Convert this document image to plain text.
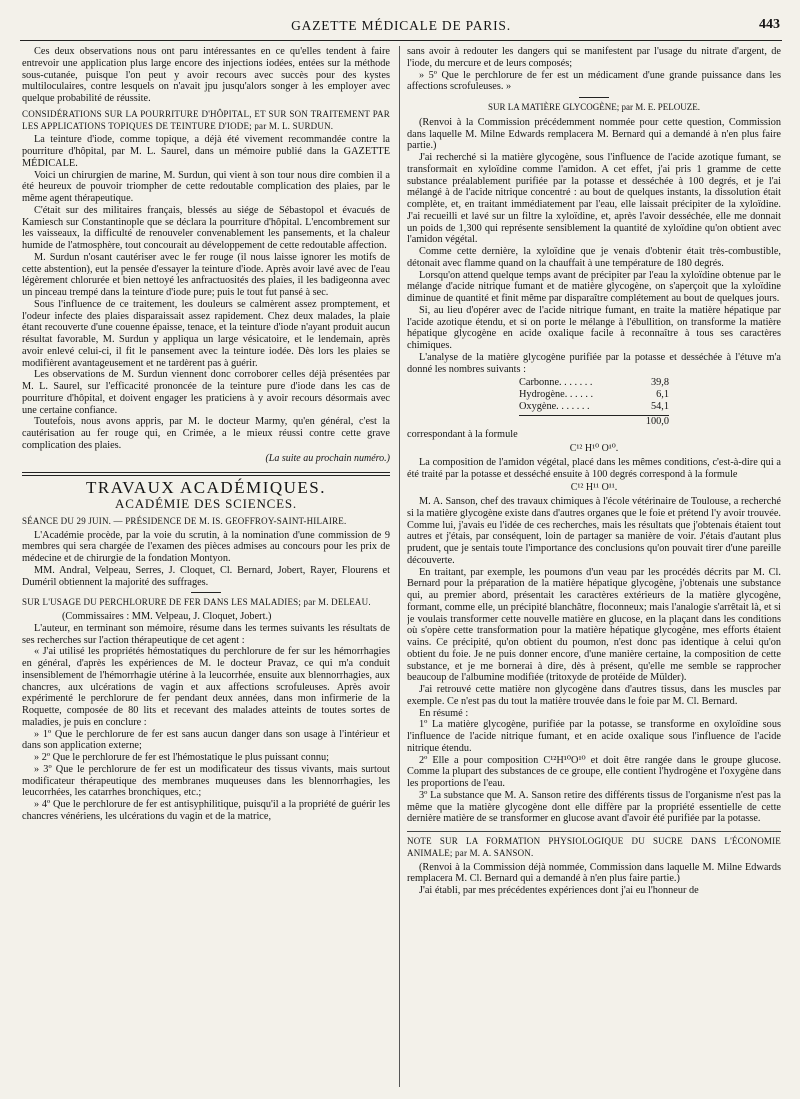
GAZETTE MÉDICALE DE PARIS.	443

Ces deux observations nous ont paru intéressantes en ce qu'elles tendent à faire entrevoir une application plus large encore des injections iodées, entées sur la méthode sous-cutanée, puisque l'on peut y avoir recours avec succès pour des kystes multiloculaires, contre lesquels on n'avait jpu jusqu'alors songer à les employer avec quelque probabilité de réussite.

CONSIDÉRATIONS SUR LA POURRITURE D'HÔPITAL, ET SUR SON TRAITEMENT PAR LES APPLICATIONS TOPIQUES DE TEINTURE D'IODE; par M. L. SURDUN.

La teinture d'iode, comme topique, a déjà été vivement recommandée contre la pourriture d'hôpital, par M. L. Saurel, dans un mémoire publié dans la GAZETTE MÉDICALE.

Voici un chirurgien de marine, M. Surdun, qui vient à son tour nous dire combien il a été heureux de pouvoir triompher de cette redoutable complication des plaies, par le même agent thérapeutique.

C'était sur des militaires français, blessés au siége de Sébastopol et évacués de Kamiesch sur Constantinople que se déclara la pourriture d'hôpital. L'encombrement sur les vaisseaux, la difficulté de renouveler convenablement les pansements, et la chaleur humide de l'atmosphère, tout concourait au développement de cette redoutable affection.

M. Surdun n'osant cautériser avec le fer rouge (il nous laisse ignorer les motifs de cette abstention), eut la pensée d'essayer la teinture d'iode. Après avoir lavé avec de l'eau légèrement chlorurée et bien nettoyé les anfractuosités des plaies, il les badigeonna avec un pinceau trempé dans la teinture d'iode pure; puis le tout fut pansé à sec.

Sous l'influence de ce traitement, les douleurs se calmèrent assez promptement, et l'odeur infecte des plaies disparaissait assez rapidement. Chez deux malades, la plaie étant recouverte d'une couenne épaisse, tenace, et la teinture d'iode n'ayant produit aucun résultat favorable, M. Surdun y appliqua un large vésicatoire, et le lendemain, après avoir enlevé celui-ci, il fit le pansement avec la teinture iodée. Dès lors les plaies se modifièrent avantageusement et ne tardèrent pas à guérir.

Les observations de M. Surdun viennent donc corroborer celles déjà présentées par M. L. Saurel, sur l'efficacité prononcée de la teinture pure d'iode dans les cas de pourriture d'hôpital, et doivent engager les praticiens à y avoir recours désormais avec une certaine confiance.

Toutefois, nous avons appris, par M. le docteur Marmy, qu'en général, c'est la cautérisation au fer rouge qui, en Crimée, a le mieux réussi contre cette grave complication des plaies.

(La suite au prochain numéro.)

TRAVAUX ACADÉMIQUES.

ACADÉMIE DES SCIENCES.

SÉANCE DU 29 JUIN. — PRÉSIDENCE DE M. IS. GEOFFROY-SAINT-HILAIRE.

L'Académie procède, par la voie du scrutin, à la nomination d'une commission de 9 membres qui sera chargée de l'examen des pièces admises au concours pour les prix de médecine et de chirurgie de la fondation Montyon.

MM. Andral, Velpeau, Serres, J. Cloquet, Cl. Bernard, Jobert, Rayer, Flourens et Duméril obtiennent la majorité des suffrages.

SUR L'USAGE DU PERCHLORURE DE FER DANS LES MALADIES; par M. DELEAU.

(Commissaires : MM. Velpeau, J. Cloquet, Jobert.)

L'auteur, en terminant son mémoire, résume dans les termes suivants les résultats de ses recherches sur l'action thérapeutique de cet agent :

« J'ai utilisé les propriétés hémostatiques du perchlorure de fer sur les hémorrhagies en général, d'après les expériences de M. le docteur Pravaz, ce qui m'a conduit insensiblement de l'hémorrhagie utérine à la leucorrhée, ensuite aux blennorrhagies, aux chancres, aux ulcérations de vagin et aux affections scrofuleuses. Après avoir expérimenté le perchlorure de fer pendant deux années, dans mon infirmerie de la Roquette, composée de 80 lits et recevant des malades atteints de toutes sortes de maladies, je puis en conclure :

» 1º Que le perchlorure de fer est sans aucun danger dans son usage à l'intérieur et dans son application externe;

» 2º Que le perchlorure de fer est l'hémostatique le plus puissant connu;

» 3º Que le perchlorure de fer est un modificateur des tissus vivants, mais surtout modificateur thérapeutique des membranes muqueuses dans les blennorrhagies, les leucorrhées, les catarrhes bronchiques, etc.;

» 4º Que le perchlorure de fer est antisyphilitique, puisqu'il a la propriété de guérir les chancres vénériens, les ulcérations du vagin et de la matrice,

sans avoir à redouter les dangers qui se manifestent par l'usage du nitrate d'argent, de l'iode, du mercure et de leurs composés;

» 5º Que le perchlorure de fer est un médicament d'une grande puissance dans les affections scrofuleuses. »

SUR LA MATIÈRE GLYCOGÈNE; par M. E. PELOUZE.

(Renvoi à la Commission précédemment nommée pour cette question, Commission dans laquelle M. Milne Edwards remplacera M. Bernard qui a demandé à n'en plus faire partie.)

J'ai recherché si la matière glycogène, sous l'influence de l'acide azotique fumant, se transformait en xyloïdine comme l'amidon. A cet effet, j'ai pris 1 gramme de cette substance préalablement purifiée par la potasse et desséchée à 100 degrés, et je l'ai mélangé à de l'acide nitrique concentré : au bout de quelques instants, la dissolution était complète, et, en traitant immédiatement par l'eau, elle laissait précipiter de la xyloïdine. J'ai recueilli et lavé sur un filtre la xyloïdine, et, après l'avoir desséchée, elle me donnait un poids de 1,300 qui représente sensiblement la quantité de xyloïdine qu'on obtient avec l'amidon végétal.

Comme cette dernière, la xyloïdine que je venais d'obtenir était très-combustible, détonait avec flamme quand on la chauffait à une température de 180 degrés.

Lorsqu'on attend quelque temps avant de précipiter par l'eau la xyloïdine obtenue par le mélange d'acide nitrique fumant et de matière glycogène, on s'aperçoit que la xyloïdine diminue de quantité et finit même par disparaître complétement au bout de quelques jours.

Si, au lieu d'opérer avec de l'acide nitrique fumant, en traite la matière hépatique par l'acide azotique étendu, et si on porte le mélange à l'ébullition, on transforme la matière hépatique glycogène en acide oxalique facile à reconnaître à tous ses caractères chimiques.

L'analyse de la matière glycogène purifiée par la potasse et desséchée à l'étuve m'a donné les nombres suivants :

Carbonne. . . . . . .	39,8
Hydrogène. . . . . .	6,1
Oxygène. . . . . . .	54,1
100,0

correspondant à la formule

C¹² H¹⁰ O¹⁰.

La composition de l'amidon végétal, placé dans les mêmes conditions, c'est-à-dire qui a été traité par la potasse et desséché ensuite à 100 degrés correspond à la formule

C¹² H¹¹ O¹¹.

M. A. Sanson, chef des travaux chimiques à l'école vétérinaire de Toulouse, a recherché si la matière glycogène existe dans d'autres organes que le foie et prétend l'y avoir trouvée. Comme lui, j'avais eu l'idée de ces recherches, mais les résultats que j'obtenais étaient tout autres et j'étais, par conséquent, loin de partager sa manière de voir. J'étais d'autant plus prudent, que je sentais toute l'importance des conclusions qu'on pouvait tirer d'une pareille découverte.

En traitant, par exemple, les poumons d'un veau par les procédés décrits par M. Cl. Bernard pour la préparation de la matière hépatique glycogène, j'obtenais une substance qui, au premier abord, présentait les caractères extérieurs de la matière glycogène, formant, comme elle, un précipité blanchâtre, floconneux; mais l'analogie s'arrêtait là, et si je voulais transformer cette nouvelle matière en glucose, en la plaçant dans les conditions où s'opère cette transformation pour la matière hépatique glycogène, mes efforts étaient vains. Ce précipité, qu'on obtient du poumon, n'est donc pas identique à celui qu'on obtient du foie. Je ne puis donner encore, d'une manière certaine, la composition de cette substance, et je me bornerai à dire, dès à présent, qu'elle me semble se rapprocher beaucoup de l'albumine modifiée (tritoxyde de protéide de Mülder).

J'ai retrouvé cette matière non glycogène dans d'autres tissus, dans les muscles par exemple. Ce n'est pas du tout la matière trouvée dans le foie par M. Cl. Bernard.

En résumé :

1º La matière glycogène, purifiée par la potasse, se transforme en oxyloïdine sous l'influence de l'acide nitrique fumant, et en acide oxalique sous l'influence de l'acide nitrique étendu.

2º Elle a pour composition C¹²H¹⁰O¹⁰ et doit être rangée dans le groupe glucose. Comme la plupart des substances de ce groupe, elle contient l'hydrogène et l'oxygène dans les proportions de l'eau.

3º La substance que M. A. Sanson retire des différents tissus de l'organisme n'est pas la même que la matière glycogène dont elle diffère par la propriété essentielle de cette dernière matière de se transformer en glucose avant d'avoir été purifiée par la potasse.

NOTE SUR LA FORMATION PHYSIOLOGIQUE DU SUCRE DANS L'ÉCONOMIE ANIMALE; par M. A. SANSON.

(Renvoi à la Commission déjà nommée, Commission dans laquelle M. Milne Edwards remplacera M. Cl. Bernard qui a demandé à n'en plus faire partie.)

J'ai établi, par mes précédentes expériences dont j'ai eu l'honneur de
